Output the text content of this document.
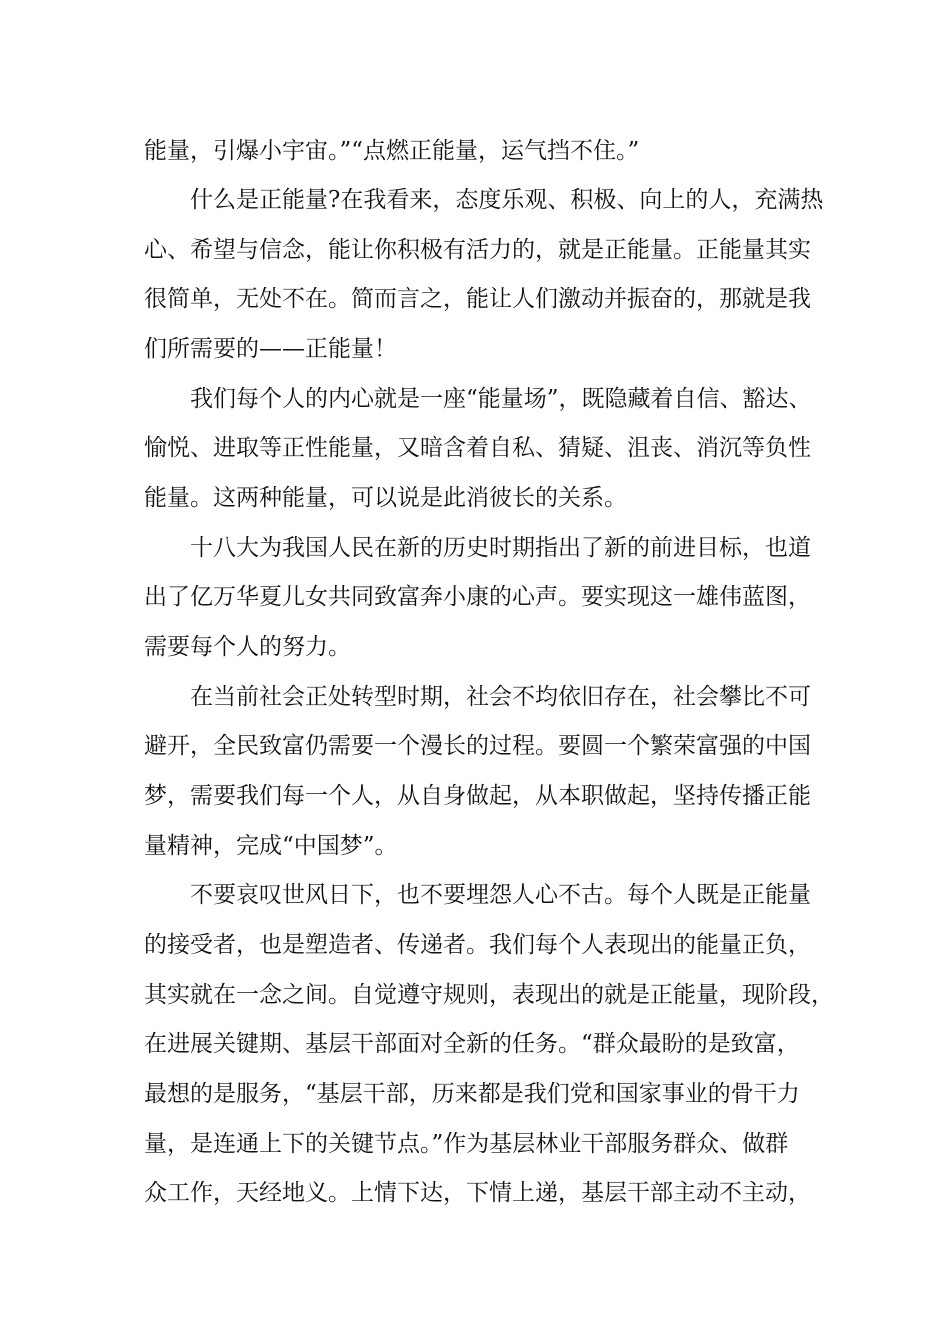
能量，引爆小宇宙。”“点燃正能量，运气挡不住。”

什么是正能量?在我看来，态度乐观、积极、向上的人，充满热

心、希望与信念，能让你积极有活力的，就是正能量。正能量其实

很简单，无处不在。简而言之，能让人们激动并振奋的，那就是我

们所需要的——正能量！

我们每个人的内心就是一座“能量场”，既隐藏着自信、豁达、

愉悦、进取等正性能量，又暗含着自私、猜疑、沮丧、消沉等负性

能量。这两种能量，可以说是此消彼长的关系。

十八大为我国人民在新的历史时期指出了新的前进目标，也道

出了亿万华夏儿女共同致富奔小康的心声。要实现这一雄伟蓝图，

需要每个人的努力。

在当前社会正处转型时期，社会不均依旧存在，社会攀比不可

避开，全民致富仍需要一个漫长的过程。要圆一个繁荣富强的中国

梦，需要我们每一个人，从自身做起，从本职做起，坚持传播正能

量精神，完成“中国梦”。

不要哀叹世风日下，也不要埋怨人心不古。每个人既是正能量

的接受者，也是塑造者、传递者。我们每个人表现出的能量正负，

其实就在一念之间。自觉遵守规则，表现出的就是正能量，现阶段，

在进展关键期、基层干部面对全新的任务。“群众最盼的是致富，

最想的是服务，“基层干部，历来都是我们党和国家事业的骨干力

量，是连通上下的关键节点。”作为基层林业干部服务群众、做群

众工作，天经地义。上情下达，下情上递，基层干部主动不主动，
